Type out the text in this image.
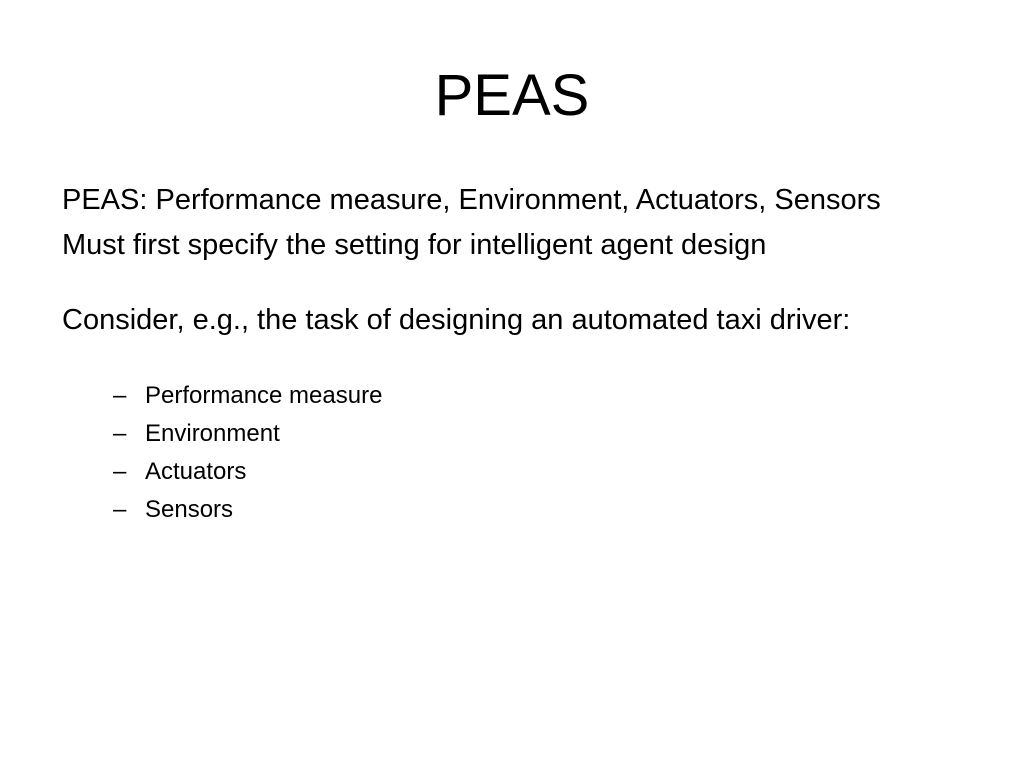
PEAS

PEAS: Performance measure, Environment, Actuators, Sensors

Must first specify the setting for intelligent agent design

Consider, e.g., the task of designing an automated taxi driver:

– Performance measure
– Environment
– Actuators
– Sensors
